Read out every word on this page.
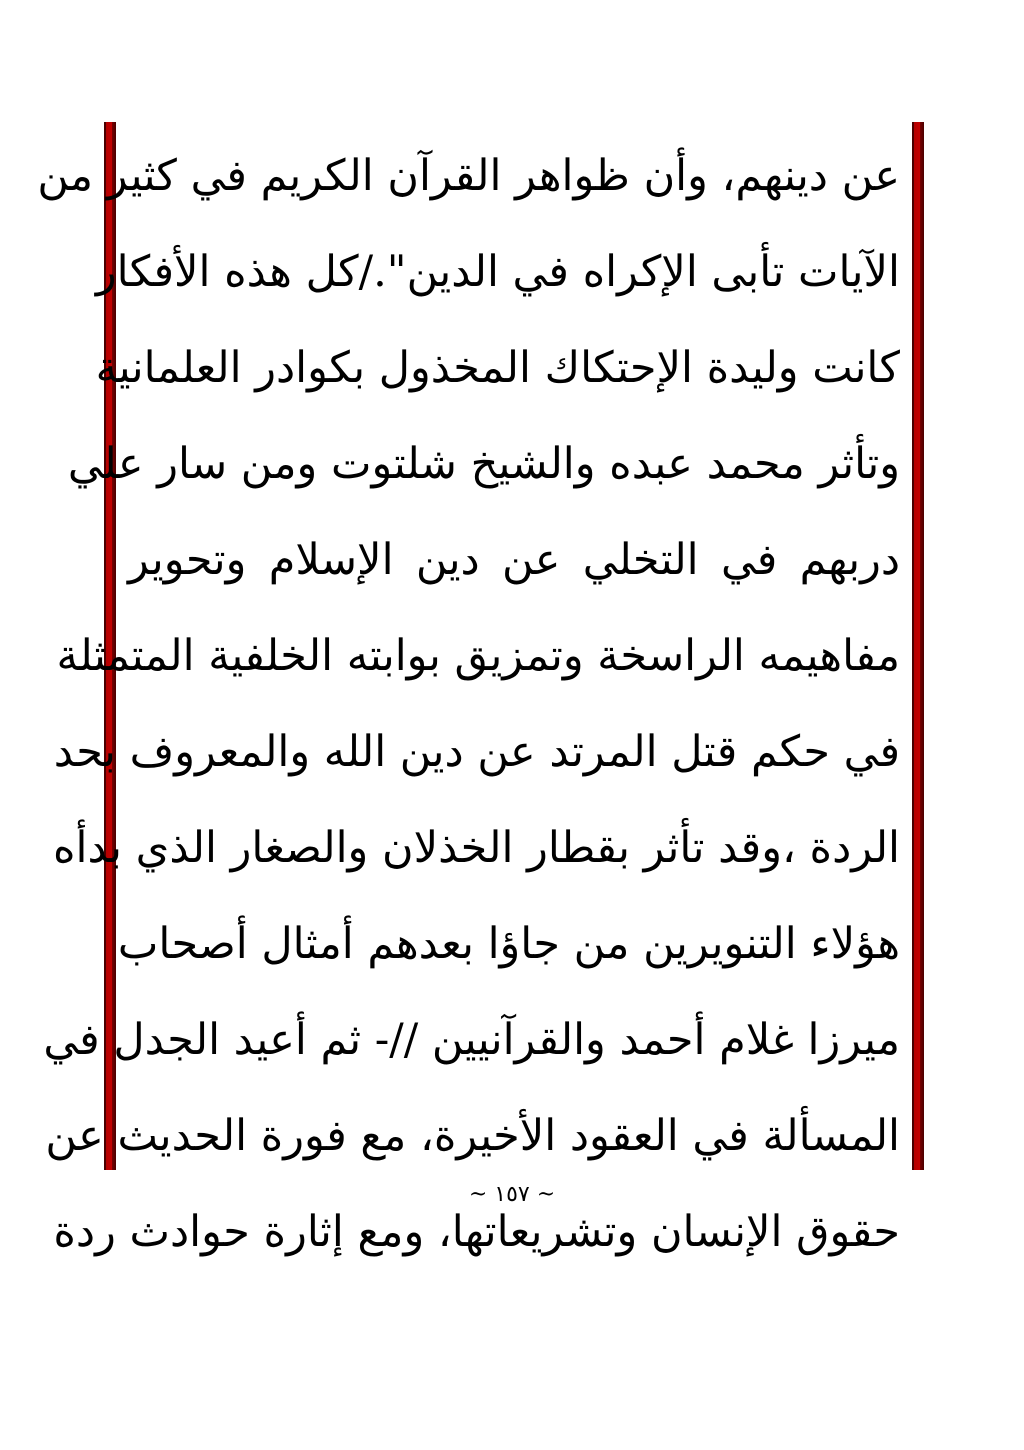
عن دينهم، وأن ظواهر القرآن الكريم في كثير من
الآيات تأبى الإكراه في الدين"./كل هذه الأفكار
كانت وليدة الإحتكاك المخذول بكوادر العلمانية
وتأثر محمد عبده والشيخ شلتوت ومن سار علي
دربهم في التخلي عن دين الإسلام وتحوير
مفاهيمه الراسخة وتمزيق بوابته الخلفية المتمثلة
في حكم قتل المرتد عن دين الله والمعروف بحد
الردة ،وقد تأثر بقطار الخذلان والصغار الذي بدأه
هؤلاء التنويرين من جاؤا بعدهم أمثال أصحاب
ميرزا غلام أحمد والقرآنيين //- ثم أعيد الجدل في
المسألة في العقود الأخيرة، مع فورة الحديث عن
حقوق الإنسان وتشريعاتها، ومع إثارة حوادث ردة
~ ١٥٧ ~
